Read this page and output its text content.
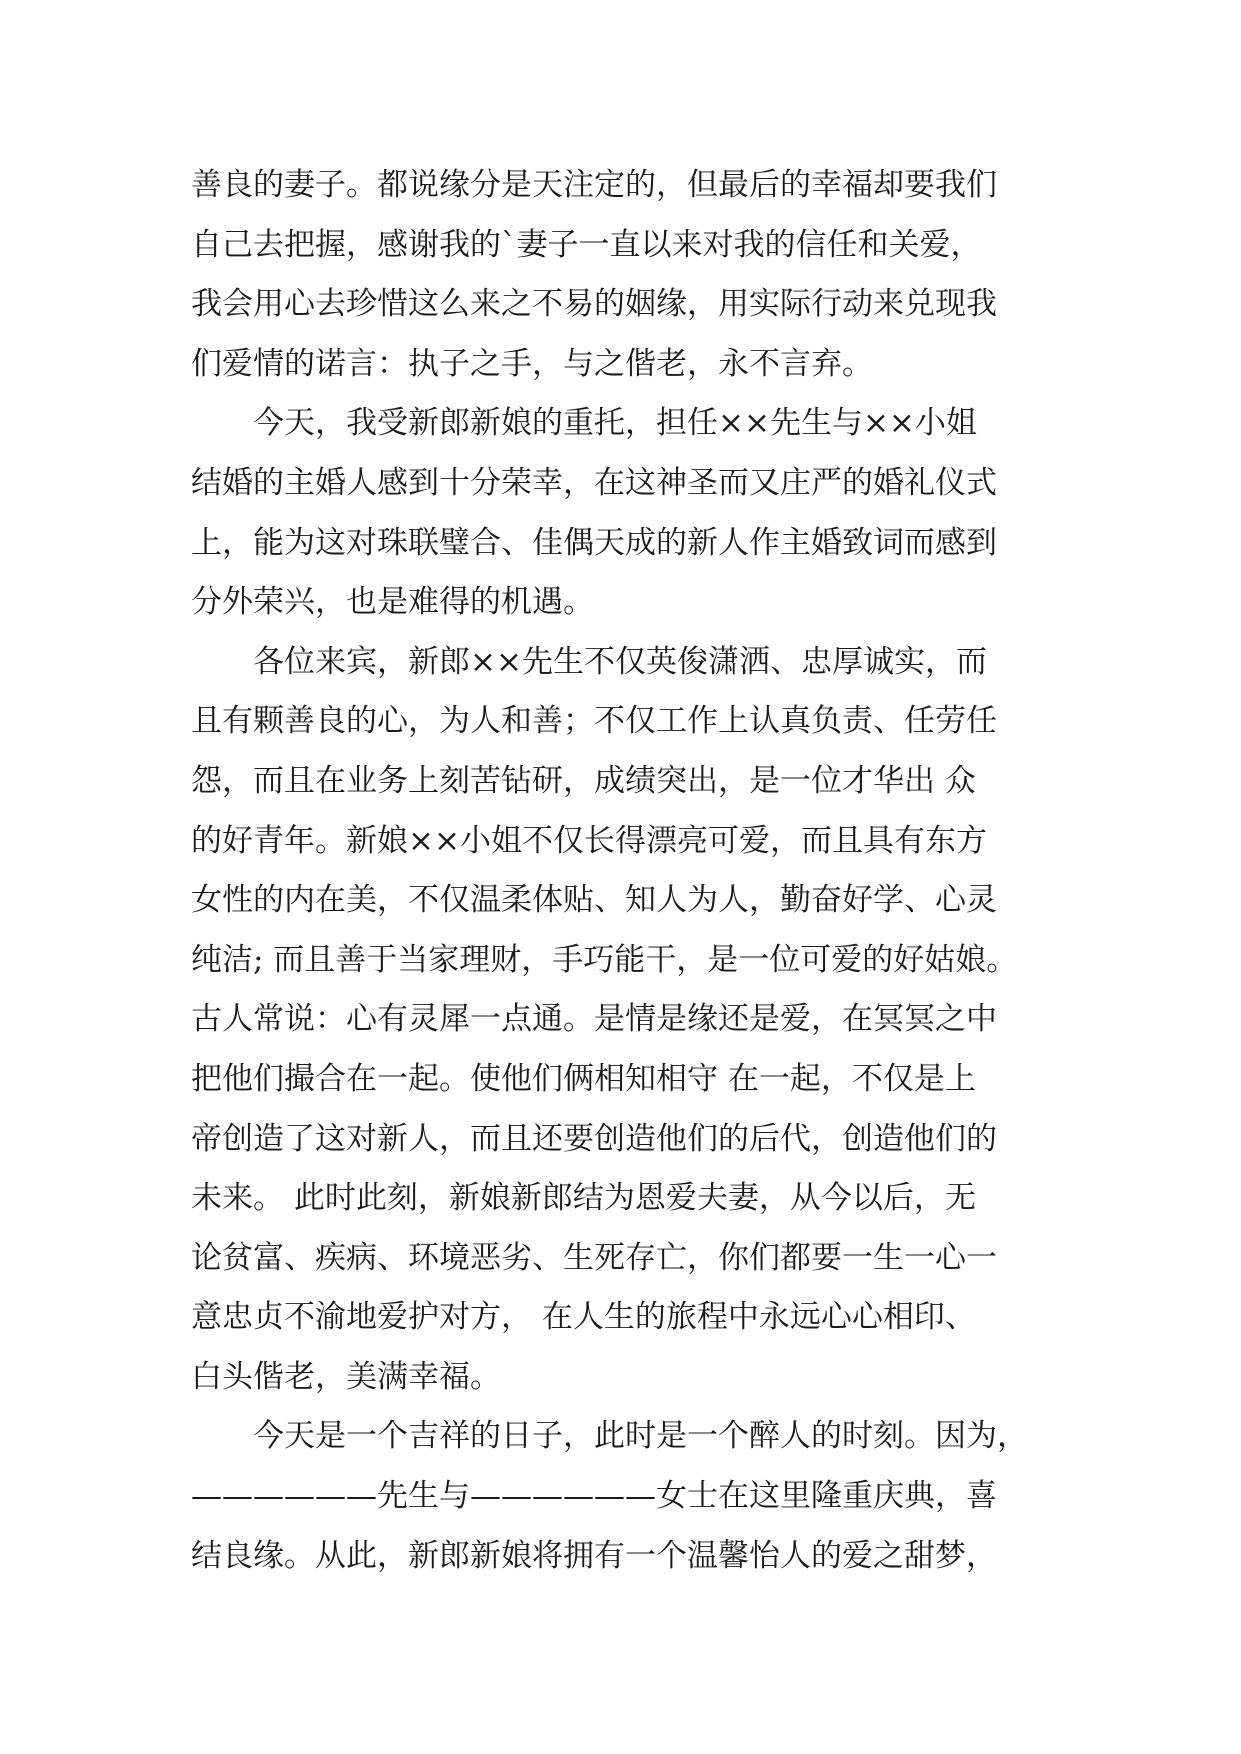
善良的妻子。都说缘分是天注定的，但最后的幸福却要我们
自己去把握，感谢我的`妻子一直以来对我的信任和关爱，
我会用心去珍惜这么来之不易的姻缘，用实际行动来兑现我
们爱情的诺言：执子之手，与之偕老，永不言弃。
　　今天，我受新郎新娘的重托，担任××先生与××小姐
结婚的主婚人感到十分荣幸，在这神圣而又庄严的婚礼仪式
上，能为这对珠联璧合、佳偶天成的新人作主婚致词而感到
分外荣兴，也是难得的机遇。
　　各位来宾，新郎××先生不仅英俊潇洒、忠厚诚实，而
且有颗善良的心，为人和善；不仅工作上认真负责、任劳任
怨，而且在业务上刻苦钻研，成绩突出，是一位才华出 众
的好青年。新娘××小姐不仅长得漂亮可爱，而且具有东方
女性的内在美，不仅温柔体贴、知人为人，勤奋好学、心灵
纯洁; 而且善于当家理财，手巧能干，是一位可爱的好姑娘。
古人常说：心有灵犀一点通。是情是缘还是爱，在冥冥之中
把他们撮合在一起。使他们俩相知相守 在一起，不仅是上
帝创造了这对新人，而且还要创造他们的后代，创造他们的
未来。 此时此刻，新娘新郎结为恩爱夫妻，从今以后，无
论贫富、疾病、环境恶劣、生死存亡，你们都要一生一心一
意忠贞不渝地爱护对方， 在人生的旅程中永远心心相印、
白头偕老，美满幸福。
　　今天是一个吉祥的日子，此时是一个醉人的时刻。因为，
——————先生与——————女士在这里隆重庆典，喜
结良缘。从此，新郎新娘将拥有一个温馨怡人的爱之甜梦，
